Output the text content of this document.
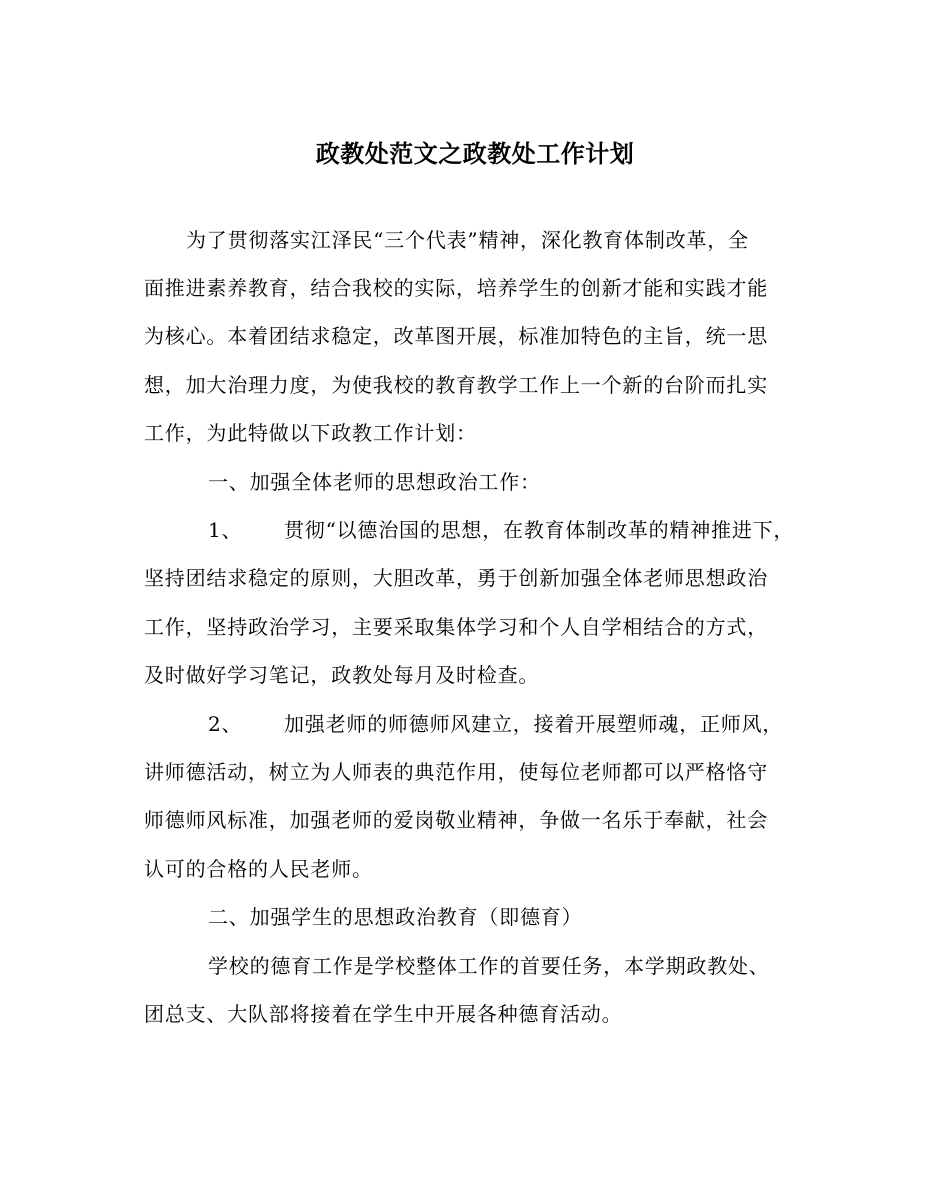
政教处范文之政教处工作计划
为了贯彻落实江泽民“三个代表”精神，深化教育体制改革，全
面推进素养教育，结合我校的实际，培养学生的创新才能和实践才能
为核心。本着团结求稳定，改革图开展，标准加特色的主旨，统一思
想，加大治理力度，为使我校的教育教学工作上一个新的台阶而扎实
工作，为此特做以下政教工作计划：
一、加强全体老师的思想政治工作：
1、 贯彻“以德治国的思想，在教育体制改革的精神推进下，
坚持团结求稳定的原则，大胆改革，勇于创新加强全体老师思想政治
工作，坚持政治学习，主要采取集体学习和个人自学相结合的方式，
及时做好学习笔记，政教处每月及时检查。
2、 加强老师的师德师风建立，接着开展塑师魂，正师风，
讲师德活动，树立为人师表的典范作用，使每位老师都可以严格恪守
师德师风标准，加强老师的爱岗敬业精神，争做一名乐于奉献，社会
认可的合格的人民老师。
二、加强学生的思想政治教育（即德育）
学校的德育工作是学校整体工作的首要任务，本学期政教处、
团总支、大队部将接着在学生中开展各种德育活动。
